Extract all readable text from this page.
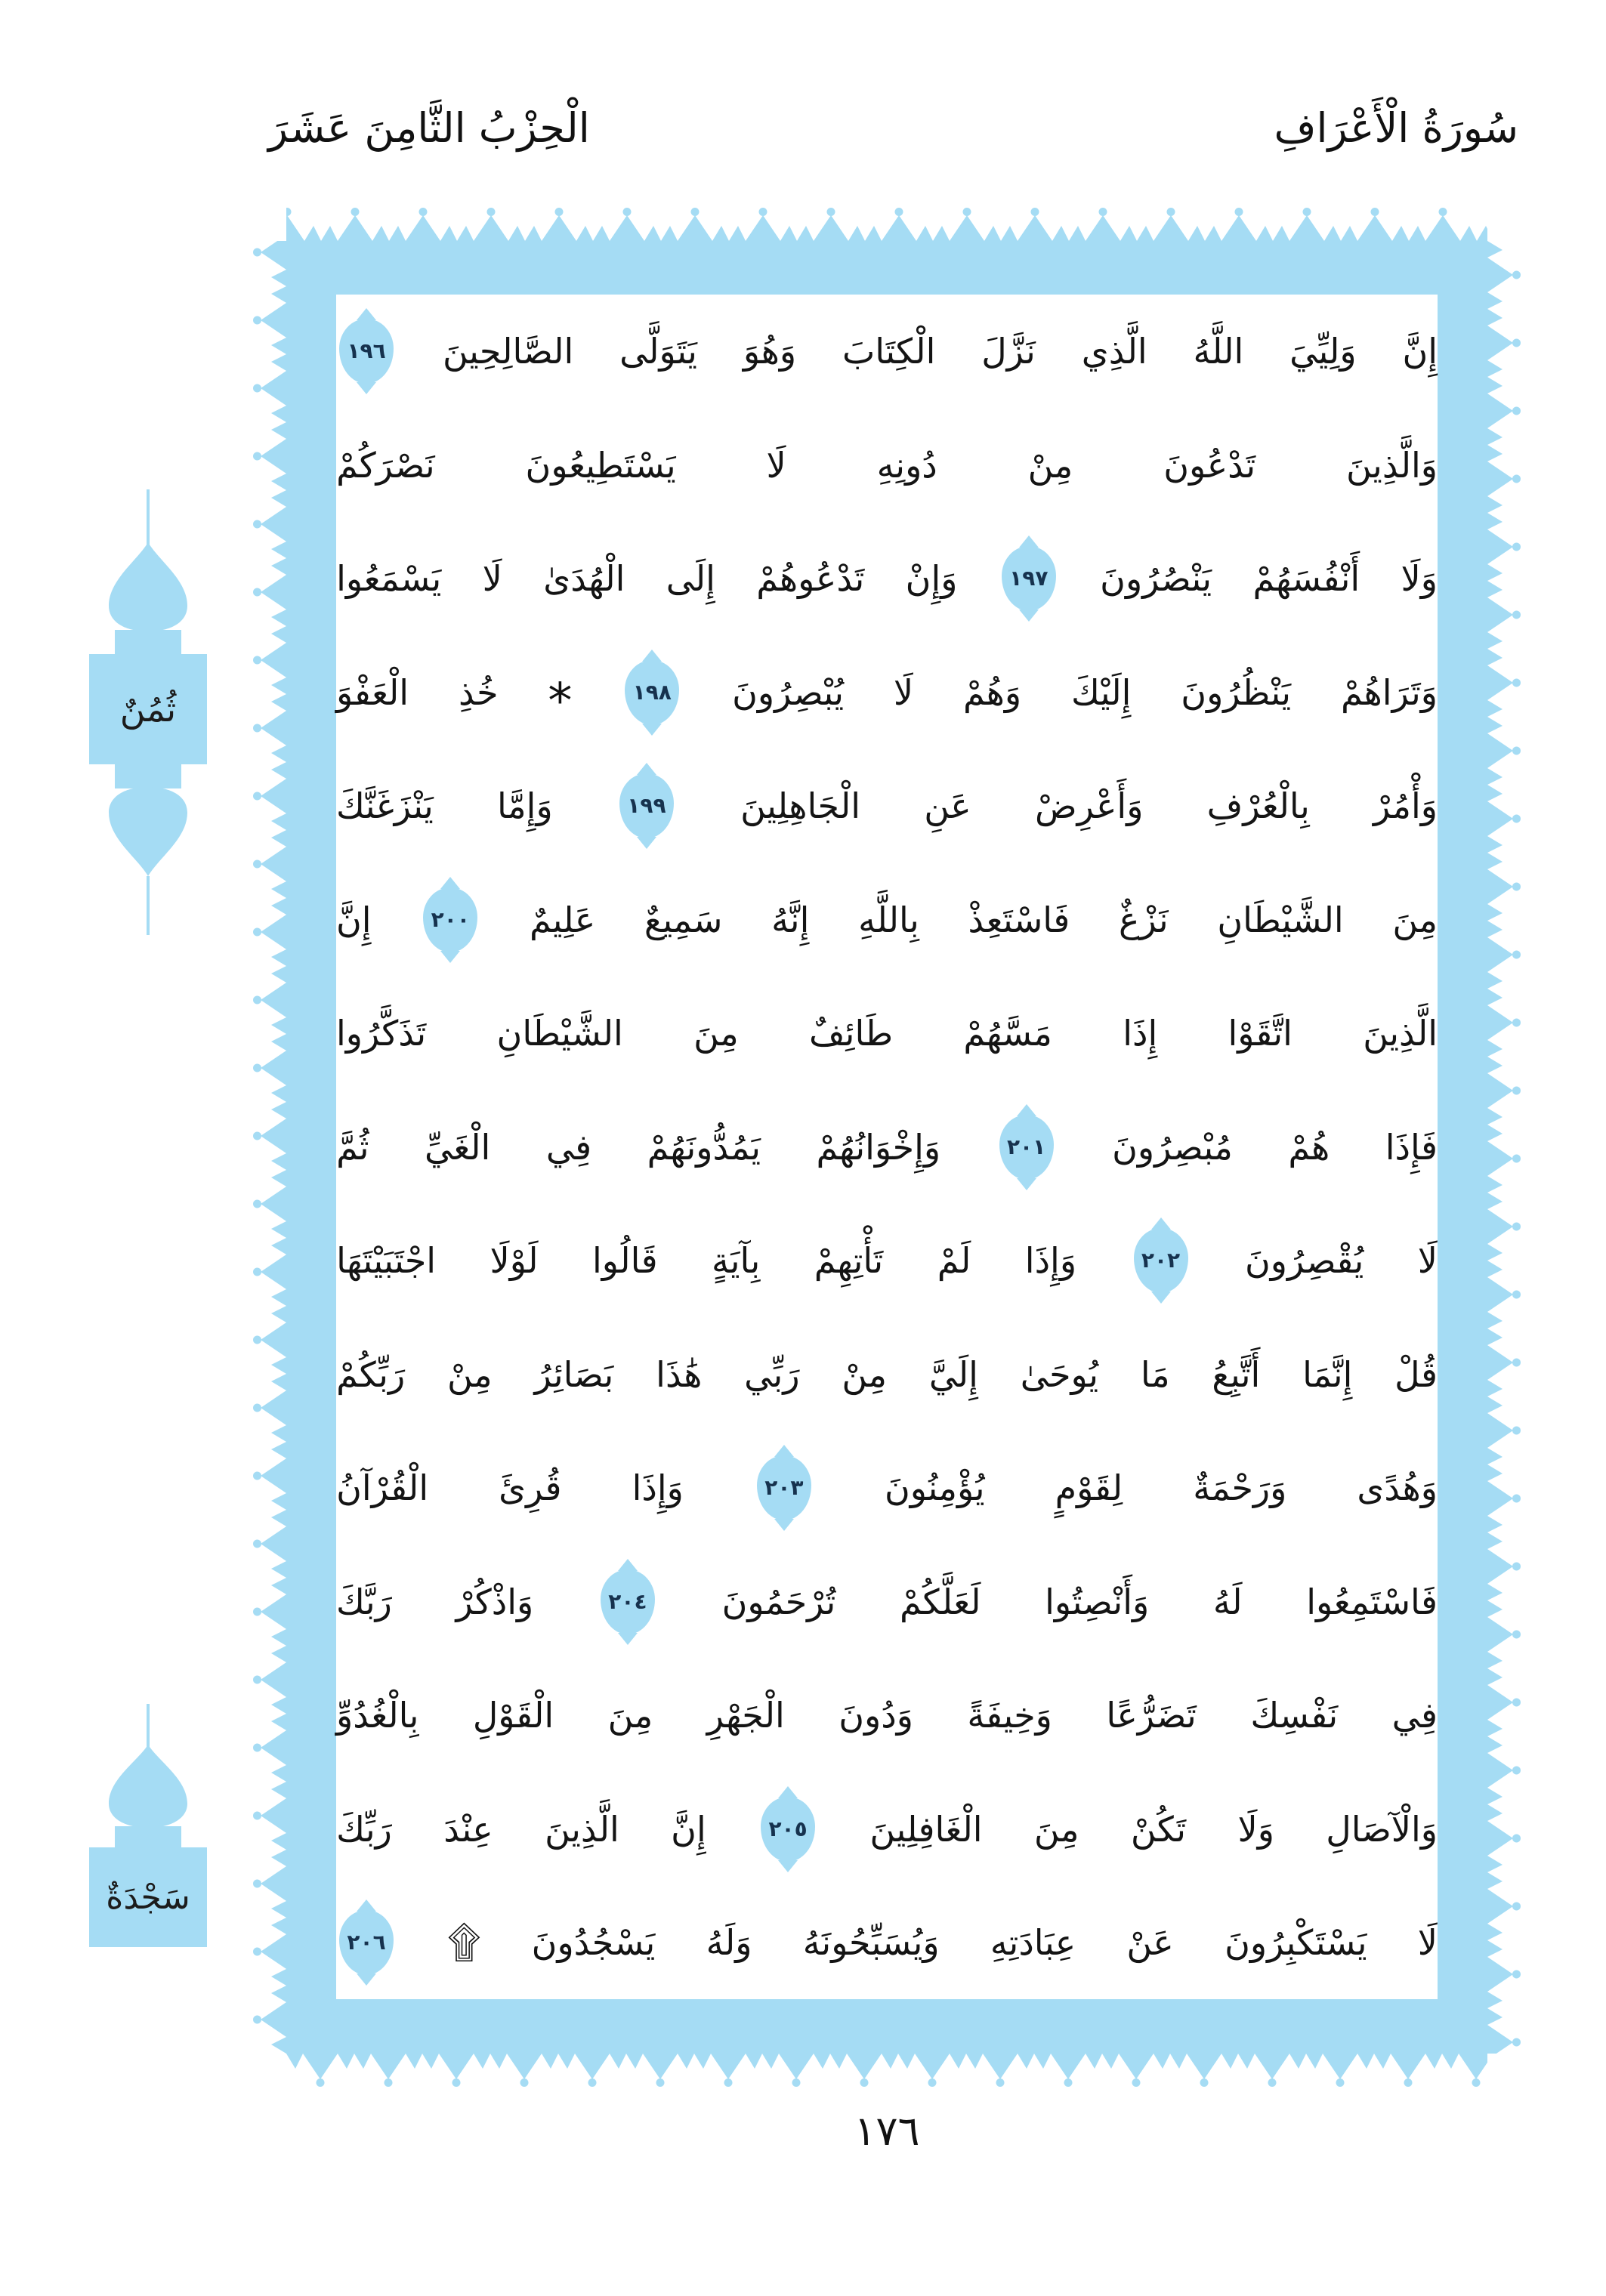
الْحِزْبُ الثَّامِنَ عَشَرَ	سُورَةُ الْأَعْرَافِ
ثُمُنٌ
سَجْدَةٌ
إِنَّ
وَلِيِّيَ
اللَّهُ
الَّذِي
نَزَّلَ
الْكِتَابَ
وَهُوَ
يَتَوَلَّى
الصَّالِحِينَ
١٩٦
وَالَّذِينَ
تَدْعُونَ
مِنْ
دُونِهِ
لَا
يَسْتَطِيعُونَ
نَصْرَكُمْ
وَلَا
أَنْفُسَهُمْ
يَنْصُرُونَ
١٩٧
وَإِنْ
تَدْعُوهُمْ
إِلَى
الْهُدَىٰ
لَا
يَسْمَعُوا
وَتَرَاهُمْ
يَنْظُرُونَ
إِلَيْكَ
وَهُمْ
لَا
يُبْصِرُونَ
١٩٨
*
خُذِ
الْعَفْوَ
وَأْمُرْ
بِالْعُرْفِ
وَأَعْرِضْ
عَنِ
الْجَاهِلِينَ
١٩٩
وَإِمَّا
يَنْزَغَنَّكَ
مِنَ
الشَّيْطَانِ
نَزْغٌ
فَاسْتَعِذْ
بِاللَّهِ
إِنَّهُ
سَمِيعٌ
عَلِيمٌ
٢٠٠
إِنَّ
الَّذِينَ
اتَّقَوْا
إِذَا
مَسَّهُمْ
طَائِفٌ
مِنَ
الشَّيْطَانِ
تَذَكَّرُوا
فَإِذَا
هُمْ
مُبْصِرُونَ
٢٠١
وَإِخْوَانُهُمْ
يَمُدُّونَهُمْ
فِي
الْغَيِّ
ثُمَّ
لَا
يُقْصِرُونَ
٢٠٢
وَإِذَا
لَمْ
تَأْتِهِمْ
بِآيَةٍ
قَالُوا
لَوْلَا
اجْتَبَيْتَهَا
قُلْ
إِنَّمَا
أَتَّبِعُ
مَا
يُوحَىٰ
إِلَيَّ
مِنْ
رَبِّي
هَٰذَا
بَصَائِرُ
مِنْ
رَبِّكُمْ
وَهُدًى
وَرَحْمَةٌ
لِقَوْمٍ
يُؤْمِنُونَ
٢٠٣
وَإِذَا
قُرِئَ
الْقُرْآنُ
فَاسْتَمِعُوا
لَهُ
وَأَنْصِتُوا
لَعَلَّكُمْ
تُرْحَمُونَ
٢٠٤
وَاذْكُرْ
رَبَّكَ
فِي
نَفْسِكَ
تَضَرُّعًا
وَخِيفَةً
وَدُونَ
الْجَهْرِ
مِنَ
الْقَوْلِ
بِالْغُدُوِّ
وَالْآصَالِ
وَلَا
تَكُنْ
مِنَ
الْغَافِلِينَ
٢٠٥
إِنَّ
الَّذِينَ
عِنْدَ
رَبِّكَ
لَا
يَسْتَكْبِرُونَ
عَنْ
عِبَادَتِهِ
وَيُسَبِّحُونَهُ
وَلَهُ
يَسْجُدُونَ
۩
٢٠٦
١٧٦
